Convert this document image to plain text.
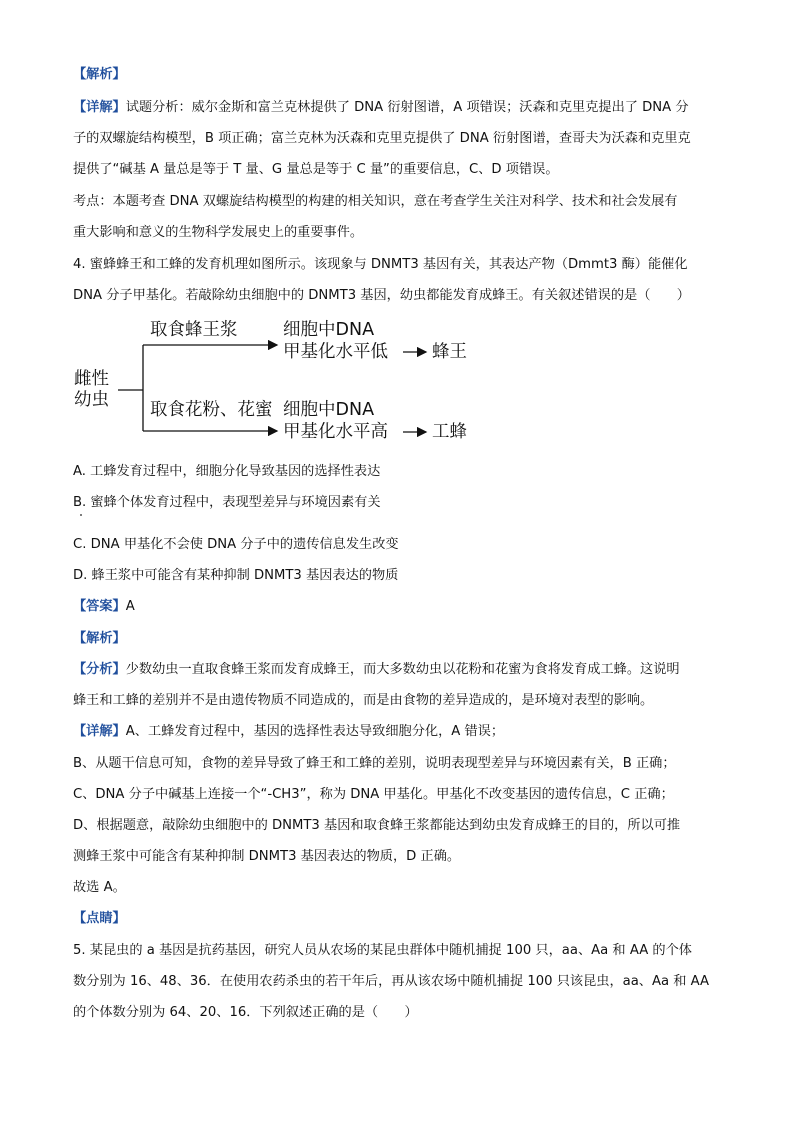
【解析】
【详解】试题分析：威尔金斯和富兰克林提供了 DNA 衍射图谱，A 项错误；沃森和克里克提出了 DNA 分
子的双螺旋结构模型，B 项正确；富兰克林为沃森和克里克提供了 DNA 衍射图谱，查哥夫为沃森和克里克
提供了“碱基 A 量总是等于 T 量、G 量总是等于 C 量”的重要信息，C、D 项错误。
考点：本题考查 DNA 双螺旋结构模型的构建的相关知识，意在考查学生关注对科学、技术和社会发展有
重大影响和意义的生物科学发展史上的重要事件。
4. 蜜蜂蜂王和工蜂的发育机理如图所示。该现象与 DNMT3 基因有关，其表达产物（Dmmt3 酶）能催化
DNA 分子甲基化。若敲除幼虫细胞中的 DNMT3 基因，幼虫都能发育成蜂王。有关叙述错误的是（　　）
雌性
幼虫
取食蜂王浆	细胞中DNA
甲基化水平低	蜂王
取食花粉、花蜜 细胞中DNA
甲基化水平高	工蜂
A. 工蜂发育过程中，细胞分化导致基因的选择性表达
B. 蜜蜂个体发育过程中，表现型差异与环境因素有关
C. DNA 甲基化不会使 DNA 分子中的遗传信息发生改变
D. 蜂王浆中可能含有某种抑制 DNMT3 基因表达的物质
【答案】A
【解析】
【分析】少数幼虫一直取食蜂王浆而发育成蜂王，而大多数幼虫以花粉和花蜜为食将发育成工蜂。这说明
蜂王和工蜂的差别并不是由遗传物质不同造成的，而是由食物的差异造成的，是环境对表型的影响。
【详解】A、工蜂发育过程中，基因的选择性表达导致细胞分化，A 错误；
B、从题干信息可知，食物的差异导致了蜂王和工蜂的差别，说明表现型差异与环境因素有关，B 正确；
C、DNA 分子中碱基上连接一个“-CH3”，称为 DNA 甲基化。甲基化不改变基因的遗传信息，C 正确；
D、根据题意，敲除幼虫细胞中的 DNMT3 基因和取食蜂王浆都能达到幼虫发育成蜂王的目的，所以可推
测蜂王浆中可能含有某种抑制 DNMT3 基因表达的物质，D 正确。
故选 A。
【点睛】
5. 某昆虫的 a 基因是抗药基因，研究人员从农场的某昆虫群体中随机捕捉 100 只，aa、Aa 和 AA 的个体
数分别为 16、48、36．在使用农药杀虫的若干年后，再从该农场中随机捕捉 100 只该昆虫，aa、Aa 和 AA
的个体数分别为 64、20、16．下列叙述正确的是（　　）
